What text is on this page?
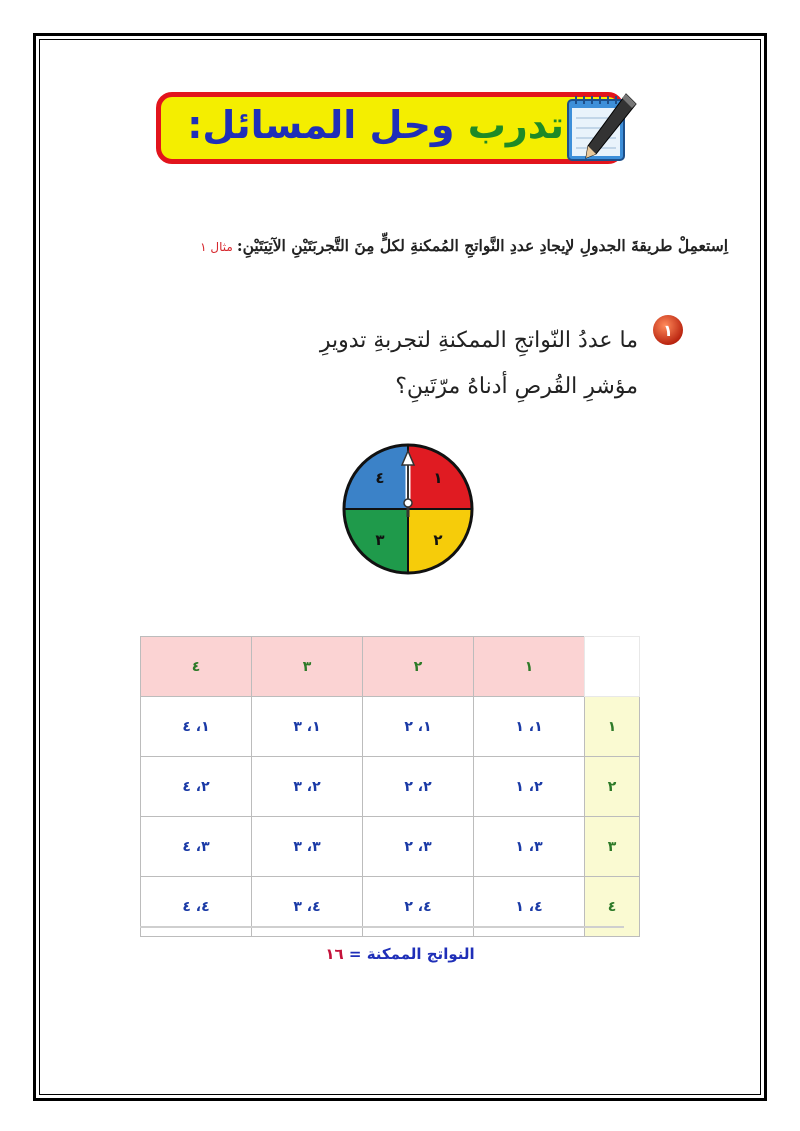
تدرب وحل المسائل:
اِستعمِلْ طريقةَ الجدولِ لإيجادِ عددِ النَّواتجِ المُمكنةِ لكلٍّ مِنَ التَّجربَتَيْنِ الآتِيَتَيْنِ:مثال ١
١
ما عددُ النّواتجِ الممكنةِ لتجربةِ تدويرِ
مؤشرِ القُرصِ أدناهُ مرّتَينِ؟
١
٢
٣
٤
	١	٢	٣	٤
١	١، ١	١، ٢	١، ٣	١، ٤
٢	٢، ١	٢، ٢	٢، ٣	٢، ٤
٣	٣، ١	٣، ٢	٣، ٣	٣، ٤
٤	٤، ١	٤، ٢	٤، ٣	٤، ٤
النواتج الممكنة = ١٦
